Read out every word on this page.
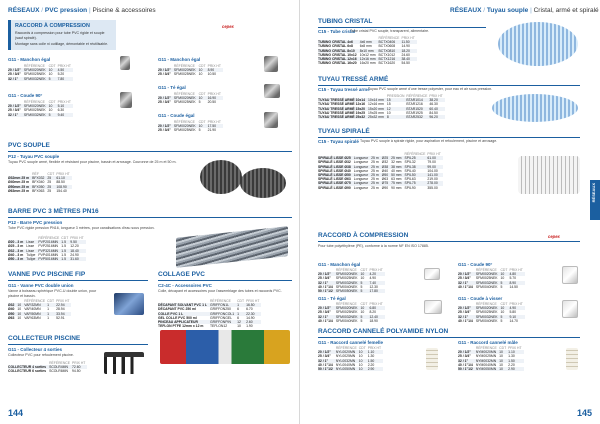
RÉSEAUX / PVC pression | Piscine & accessoires
RACCORD À COMPRESSION
Raccords à compression pour tube PVC rigide et souple (sauf spiralé).
Montage sans colle ni outillage, démontable et réutilisable.
cepex
G11 - Manchon égal
	RÉFÉRENCE	CDT	PRIX HT
20 / 1/2"	SFM0020NEK	10	4.50
25 / 3/4"	SFM0025NEK	10	5.20
32 / 1"	SFM0032NEK	5	7.80
G11 - Coude 90°
	RÉFÉRENCE	CDT	PRIX HT
20 / 1/2"	SFM0020NEK	10	5.10
25 / 3/4"	SFM0025NEK	10	6.30
32 / 1"	SFM0032NEK	5	9.40
G11 - Manchon égal
	RÉFÉRENCE	CDT	PRIX HT
20 / 1/2"	SFM0020NEK	10	8.90
25 / 3/4"	SFM0025NEK	10	10.50
G11 - Té égal
	RÉFÉRENCE	CDT	PRIX HT
20 / 1/2"	SFM0020NEK	10	16.90
25 / 3/4"	SFM0025NEK	5	20.50
G11 - Coude égal
	RÉFÉRENCE	CDT	PRIX HT
20 / 1/2"	SFM0020NEK	10	17.50
25 / 3/4"	SFM0025NEK	5	21.90
PVC SOUPLE
P12 - Tuyau PVC souple
Tuyau PVC souple armé, flexible et résistant pour piscine, bassin et arrosage. Couronne de 25 m et 50 m.
	RÉF	CDT	PRIX HT
Ø32mm 25 m	BFX032	25	61.10
Ø40mm 25 m	BFX040	25	88.50
Ø50mm 25 m	BFX050	25	108.90
Ø63mm 25 m	BFX063	25	154.40
BARRE PVC 3 MÈTRES PN16
P12 - Barre PVC pression
Tube PVC rigide pression PN16, longueur 3 mètres, pour canalisations d'eau sous pression.
		RÉFÉRENCE	CDT	PRIX HT
Ø20 - 3 m	Lisse	PVP2016MN	1.5	9.50
Ø25 - 3 m	Lisse	PVP2516MN	1.5	12.20
Ø32 - 3 m	Lisse	PVP3216MN	1.5	18.40
Ø40 - 3 m	Tulipe	PVP4016MN	1.5	24.90
Ø50 - 3 m	Tulipe	PVP5016MN	1.5	31.60
VANNE PVC PISCINE FIP
G11 - Vanne PVC double union
Vanne à boisseau sphérique PVC-U double union, pour piscine et bassin.
		RÉFÉRENCE	CDT	PRIX HT
Ø32	10	VAFI32MN	1	22.94
Ø40	10	VAFI40MN	1	28.94
Ø50	10	VAFI50MN	1	33.94
Ø63	10	VAFI63MN	1	52.91
COLLAGE PVC
C2-4C - Accessoires PVC
Colle, décapant et accessoires pour l'assemblage des tubes et raccords PVC.
	RÉFÉRENCE	CDT	PRIX HT
DÉCAPANT SOLVANT PVC 1 L	GRIFFON1L	1	16.50
DÉCAPANT PVC 250 ml	GRIFFON250	6	6.70
COLLE PVC 1 L	GRIFFONCOL1	1	22.30
GEL COLLE PVC 500 ml	GRIFFONGEL	6	14.90
PINCEAU APPLICATEUR	GRIFFONPIN	12	2.60
TEFLON PTFE 12mm x 12 m	TEFLON12	10	1.90
COLLECTEUR PISCINE
G11 - Collecteur 4 sorties
Collecteur PVC pour refoulement piscine.
	RÉFÉRENCE	PRIX HT
COLLECTEUR 4 sorties	SCOLR4MN	72.60
COLLECTEUR 6 sorties	SCOLR6MN	94.50
144
RÉSEAUX / Tuyau souple | Cristal, armé et spiralé
RÉSEAUX
TUBING CRISTAL
C15 - Tube cristal
Tube cristal PVC souple, transparent, alimentaire.
		RÉFÉRENCE	PRIX HT
TUBING CRISTAL 4x6	4x6 mm	BCTX0406	11.50
TUBING CRISTAL 6x8	6x8 mm	BCTX0608	14.90
TUBING CRISTAL 8x10	8x10 mm	BCTX0810	18.20
TUBING CRISTAL 10x12	10x12 mm	BCTX1012	24.60
TUBING CRISTAL 12x16	12x16 mm	BCTX1216	38.40
TUBING CRISTAL 16x20	16x20 mm	BCTX1620	54.50
TUYAU TRESSÉ ARMÉ
C15 - Tuyau tressé armé
Tuyau PVC souple armé d'une tresse polyester, pour eau et air sous pression.
		PRESSION	RÉFÉRENCE	PRIX HT
TUYAU TRESSÉ ARMÉ 10x14	10x14 mm	15	BTAR1014	38.20
TUYAU TRESSÉ ARMÉ 12x16	12x16 mm	15	BTAR1216	46.30
TUYAU TRESSÉ ARMÉ 15x20	15x20 mm	12	BTAR1520	60.40
TUYAU TRESSÉ ARMÉ 19x25	19x25 mm	10	BTAR1925	84.50
TUYAU TRESSÉ ARMÉ 25x32	25x32 mm	8	BTAR2532	96.20
TUYAU SPIRALÉ
C15 - Tuyau spiralé Tuyau PVC souple à spirale rigide, pour aspiration et refoulement, piscine et arrosage.
					RÉFÉRENCE	PRIX HT
SPIRALÉ LISSE Ø25	Longueur	25 m	Ø25	25 mm	SPIL25	61.00
SPIRALÉ LISSE Ø32	Longueur	25 m	Ø32	32 mm	SPIL32	79.00
SPIRALÉ LISSE Ø38	Longueur	25 m	Ø38	38 mm	SPIL38	99.00
SPIRALÉ LISSE Ø40	Longueur	25 m	Ø40	40 mm	SPIL40	104.00
SPIRALÉ LISSE Ø50	Longueur	25 m	Ø50	50 mm	SPIL50	141.00
SPIRALÉ LISSE Ø63	Longueur	25 m	Ø63	63 mm	SPIL63	219.00
SPIRALÉ LISSE Ø75	Longueur	25 m	Ø75	75 mm	SPIL75	278.00
SPIRALÉ LISSE Ø90	Longueur	25 m	Ø90	90 mm	SPIL90	355.00
RACCORD À COMPRESSION
Pour tube polyéthylène (PE), conforme à la norme NF EN ISO 17885.
cepex
G11 - Manchon égal
	RÉFÉRENCE	CDT	PRIX HT
20 / 1/2"	SFM0020NEK	10	4.20
25 / 3/4"	SFM0025NEK	10	4.90
32 / 1"	SFM0032NEK	5	7.40
40 / 1"1/4	SFM0040NEK	5	12.30
50 / 1"1/2	SFM0050NEK	5	17.80
G11 - Coude 90°
	RÉFÉRENCE	CDT	PRIX HT
20 / 1/2"	SFM0020NEK	10	4.80
25 / 3/4"	SFM0025NEK	10	5.70
32 / 1"	SFM0032NEK	5	8.90
40 / 1"1/4	SFM0040NEK	5	14.50
G11 - Té égal
	RÉFÉRENCE	CDT	PRIX HT
20 / 1/2"	SFM0020NEK	10	6.80
25 / 3/4"	SFM0025NEK	10	8.20
32 / 1"	SFM0032NEK	5	12.40
40 / 1"1/4	SFM0040NEK	5	18.90
G11 - Coude à visser
	RÉFÉRENCE	CDT	PRIX HT
20 / 1/2"	SFM0020NEK	10	4.90
25 / 3/4"	SFM0025NEK	10	5.80
32 / 1"	SFM0032NEK	5	9.10
40 / 1"1/4	SFM0040NEK	5	14.70
RACCORD CANNELÉ POLYAMIDE NYLON
G11 - Raccord cannelé femelle
	RÉFÉRENCE	CDT	PRIX HT
20 / 1/2"	NYL0020MN	10	1.10
25 / 3/4"	NYL0025MN	10	1.30
32 / 1"	NYL0032MN	10	1.50
40 / 1"1/4	NYL0040MN	10	2.20
50 / 1"1/2	NYL0050MN	10	2.90
G11 - Raccord cannelé mâle
	RÉFÉRENCE	CDT	PRIX HT
20 / 1/2"	NYM0020MN	10	1.10
25 / 3/4"	NYM0025MN	10	1.30
32 / 1"	NYM0032MN	10	1.50
40 / 1"1/4	NYM0040MN	10	2.20
50 / 1"1/2	NYM0050MN	10	2.90
145
